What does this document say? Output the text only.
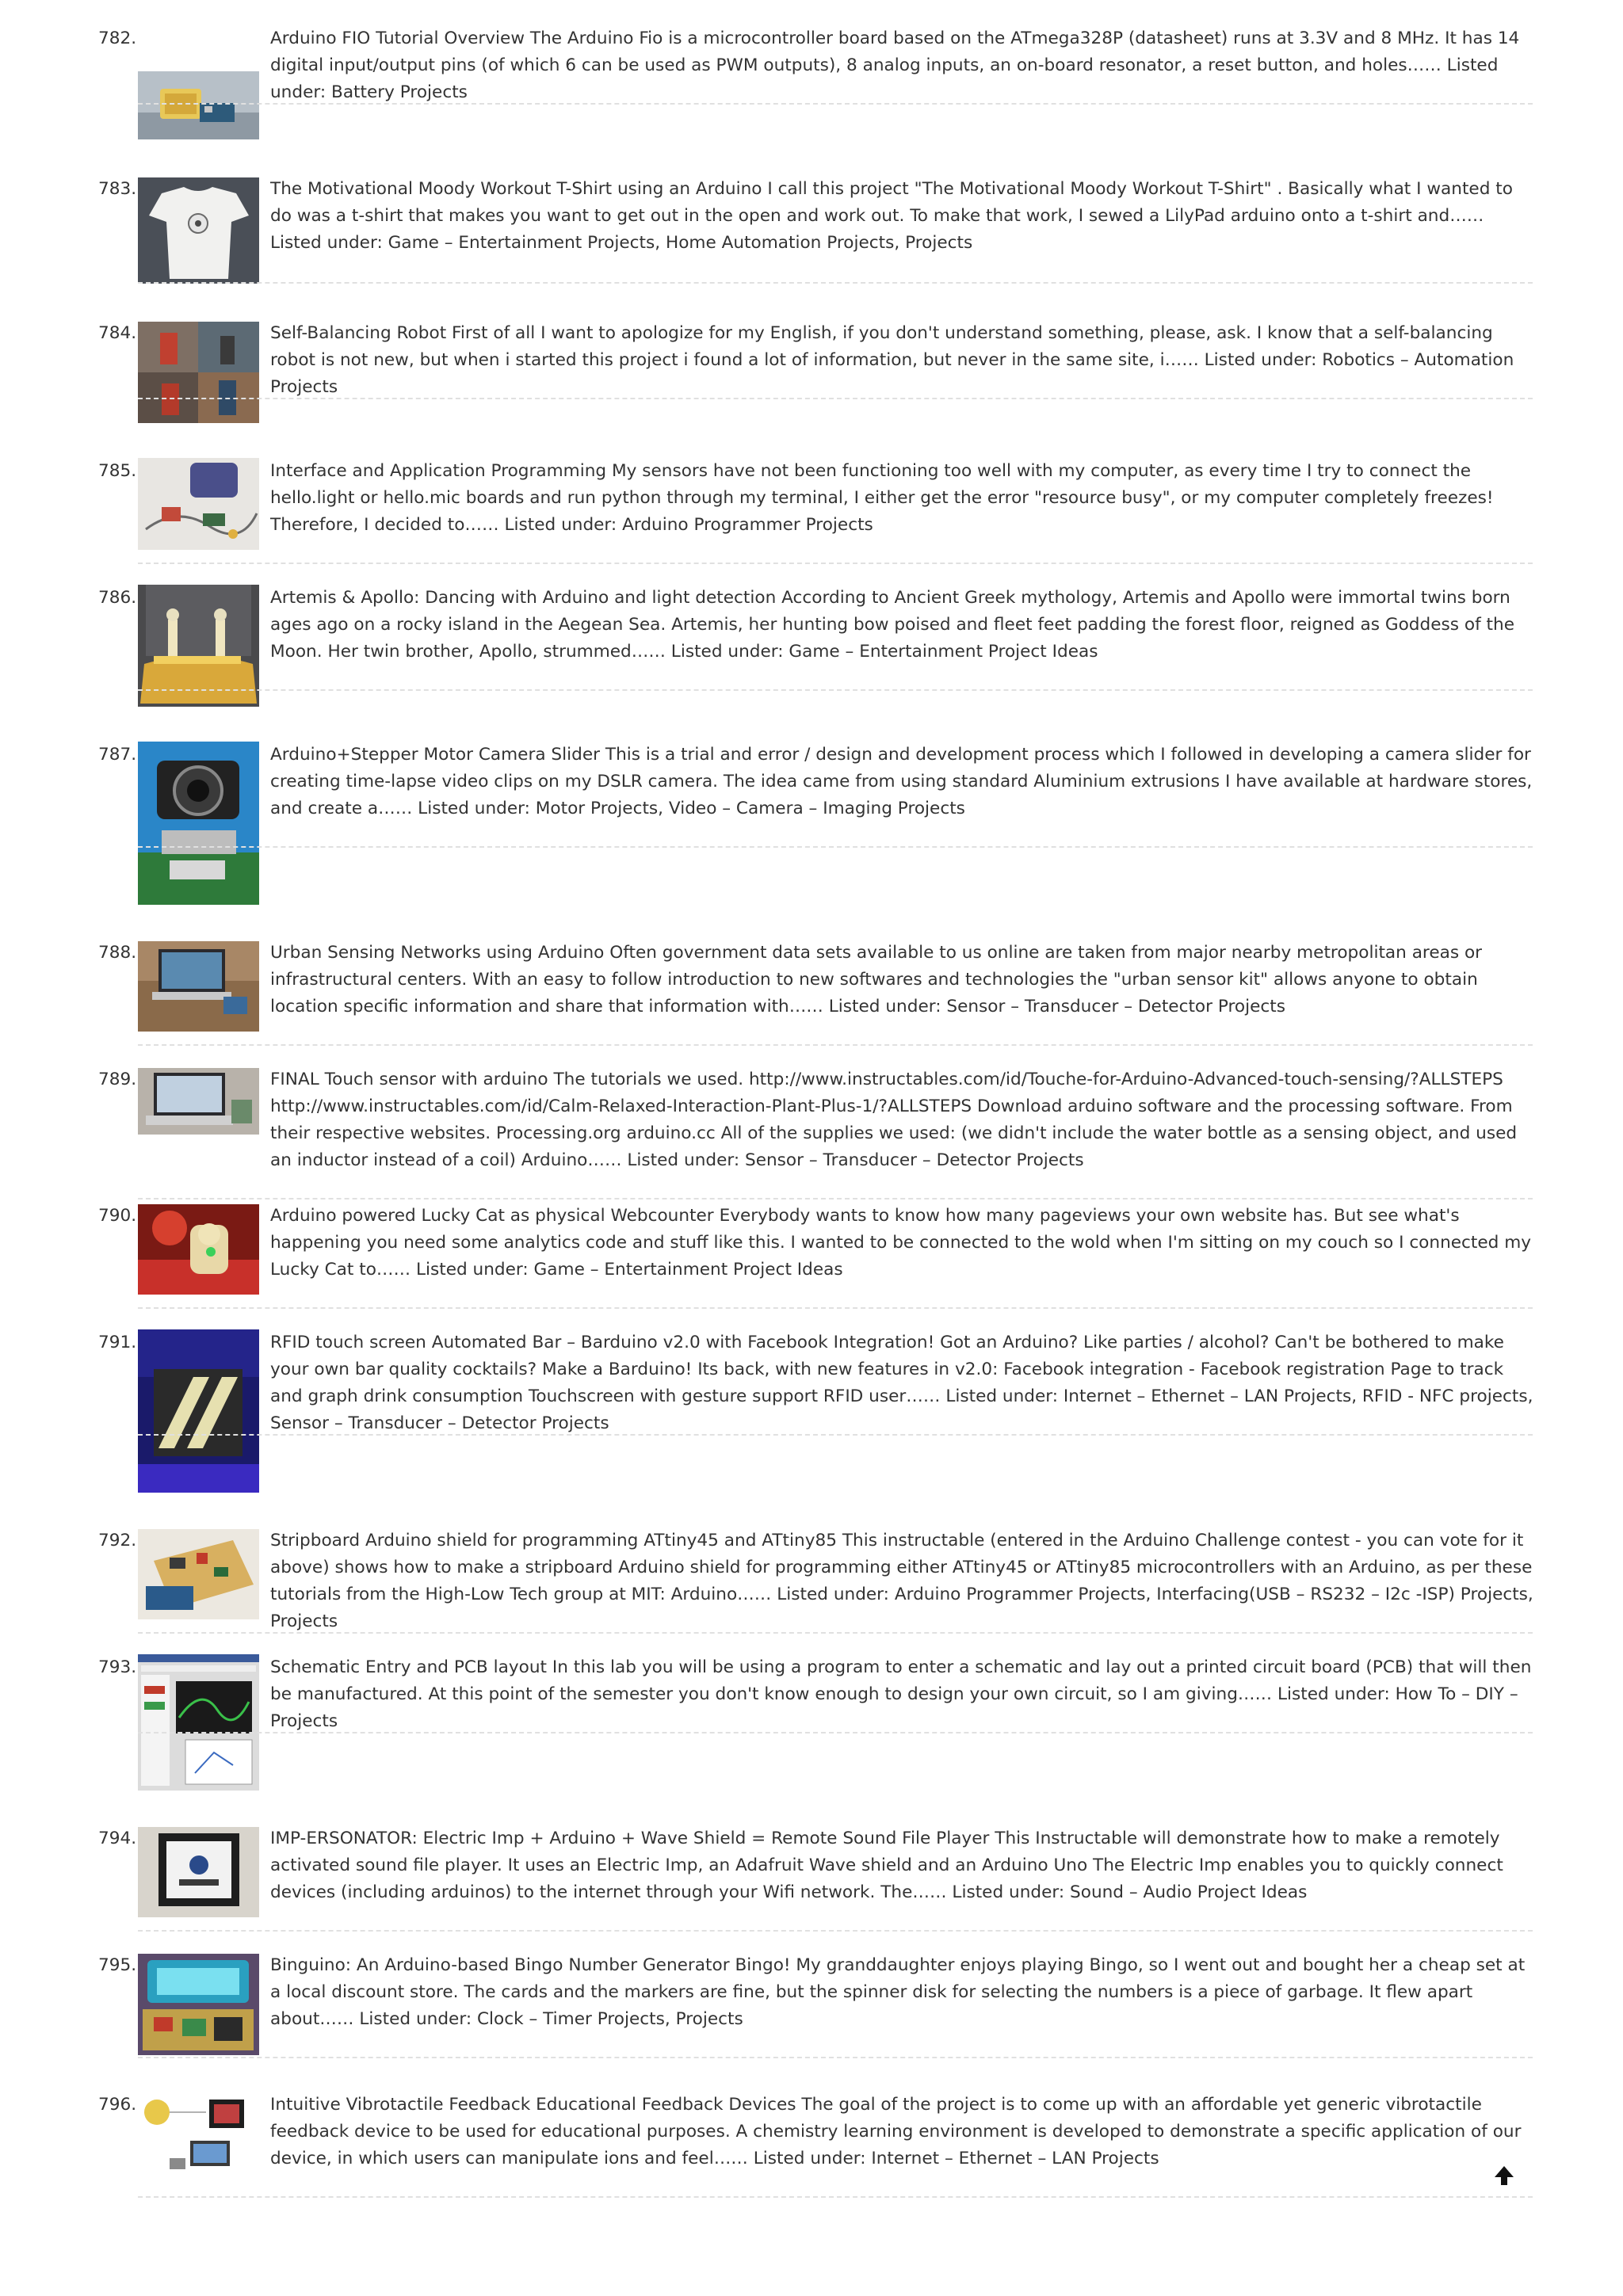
782.	Arduino FIO Tutorial Overview The Arduino Fio is a microcontroller board based on the ATmega328P (datasheet) runs at 3.3V and 8 MHz. It has 14 digital input/output pins (of which 6 can be used as PWM outputs), 8 analog inputs, an on-board resonator, a reset button, and holes…… Listed under: Battery Projects

783.	The Motivational Moody Workout T-Shirt using an Arduino I call this project "The Motivational Moody Workout T-Shirt" . Basically what I wanted to do was a t-shirt that makes you want to get out in the open and work out. To make that work, I sewed a LilyPad arduino onto a t-shirt and…… Listed under: Game – Entertainment Projects, Home Automation Projects, Projects

784.	Self-Balancing Robot First of all I want to apologize for my English, if you don't understand something, please, ask. I know that a self-balancing robot is not new, but when i started this project i found a lot of information, but never in the same site, i…… Listed under: Robotics – Automation Projects

785.	Interface and Application Programming My sensors have not been functioning too well with my computer, as every time I try to connect the hello.light or hello.mic boards and run python through my terminal, I either get the error "resource busy", or my computer completely freezes! Therefore, I decided to…… Listed under: Arduino Programmer Projects

786.	Artemis & Apollo: Dancing with Arduino and light detection According to Ancient Greek mythology, Artemis and Apollo were immortal twins born ages ago on a rocky island in the Aegean Sea. Artemis, her hunting bow poised and fleet feet padding the forest floor, reigned as Goddess of the Moon. Her twin brother, Apollo, strummed…… Listed under: Game – Entertainment Project Ideas

787.	Arduino+Stepper Motor Camera Slider This is a trial and error / design and development process which I followed in developing a camera slider for creating time-lapse video clips on my DSLR camera. The idea came from using standard Aluminium extrusions I have available at hardware stores, and create a…… Listed under: Motor Projects, Video – Camera – Imaging Projects

788.	Urban Sensing Networks using Arduino Often government data sets available to us online are taken from major nearby metropolitan areas or infrastructural centers. With an easy to follow introduction to new softwares and technologies the "urban sensor kit" allows anyone to obtain location specific information and share that information with…… Listed under: Sensor – Transducer – Detector Projects

789.	FINAL Touch sensor with arduino The tutorials we used. http://www.instructables.com/id/Touche-for-Arduino-Advanced-touch-sensing/?ALLSTEPS http://www.instructables.com/id/Calm-Relaxed-Interaction-Plant-Plus-1/?ALLSTEPS Download arduino software and the processing software. From their respective websites. Processing.org arduino.cc All of the supplies we used: (we didn't include the water bottle as a sensing object, and used an inductor instead of a coil) Arduino…… Listed under: Sensor – Transducer – Detector Projects

790.	Arduino powered Lucky Cat as physical Webcounter Everybody wants to know how many pageviews your own website has. But see what's happening you need some analytics code and stuff like this. I wanted to be connected to the wold when I'm sitting on my couch so I connected my Lucky Cat to…… Listed under: Game – Entertainment Project Ideas

791.	RFID touch screen Automated Bar – Barduino v2.0 with Facebook Integration! Got an Arduino? Like parties / alcohol? Can't be bothered to make your own bar quality cocktails? Make a Barduino! Its back, with new features in v2.0: Facebook integration - Facebook registration Page to track and graph drink consumption Touchscreen with gesture support RFID user…… Listed under: Internet – Ethernet – LAN Projects, RFID - NFC projects, Sensor – Transducer – Detector Projects

792.	Stripboard Arduino shield for programming ATtiny45 and ATtiny85 This instructable (entered in the Arduino Challenge contest - you can vote for it above) shows how to make a stripboard Arduino shield for programming either ATtiny45 or ATtiny85 microcontrollers with an Arduino, as per these tutorials from the High-Low Tech group at MIT: Arduino…… Listed under: Arduino Programmer Projects, Interfacing(USB – RS232 – I2c -ISP) Projects, Projects

793.	Schematic Entry and PCB layout In this lab you will be using a program to enter a schematic and lay out a printed circuit board (PCB) that will then be manufactured. At this point of the semester you don't know enough to design your own circuit, so I am giving…… Listed under: How To – DIY – Projects

794.	IMP-ERSONATOR: Electric Imp + Arduino + Wave Shield = Remote Sound File Player This Instructable will demonstrate how to make a remotely activated sound file player. It uses an Electric Imp, an Adafruit Wave shield and an Arduino Uno The Electric Imp enables you to quickly connect devices (including arduinos) to the internet through your Wifi network. The…… Listed under: Sound – Audio Project Ideas

795.	Binguino: An Arduino-based Bingo Number Generator Bingo! My granddaughter enjoys playing Bingo, so I went out and bought her a cheap set at a local discount store. The cards and the markers are fine, but the spinner disk for selecting the numbers is a piece of garbage. It flew apart about…… Listed under: Clock – Timer Projects, Projects

796.	Intuitive Vibrotactile Feedback Educational Feedback Devices The goal of the project is to come up with an affordable yet generic vibrotactile feedback device to be used for educational purposes. A chemistry learning environment is developed to demonstrate a specific application of our device, in which users can manipulate ions and feel…… Listed under: Internet – Ethernet – LAN Projects
